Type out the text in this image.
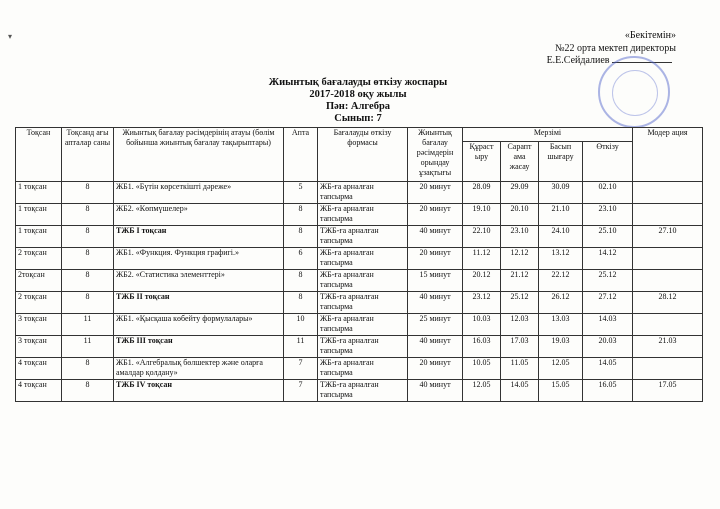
▾	«Бекітемін»
№22 орта мектеп директоры
Е.Е.Сейдалиев
Жиынтық бағалауды өткізу жоспары
2017-2018 оқу жылы
Пән: Алгебра
Сынып: 7
Тоқсан	Тоқсанд ағы апталар саны	Жиынтық бағалау рәсімдерінің атауы (бөлім бойынша жиынтық бағалау тақырыптары)	Апта	Бағалауды өткізу формасы	Жиынтық бағалау рәсімдерін орындау ұзақтығы	Мерзімі				Модер ация
						Құраст ыру	Сарапт ама жасау	Басып шығару	Өткізу	
1 тоқсан	8	ЖБ1. «Бүтін көрсеткішті дәреже»	5	ЖБ-ға арналған тапсырма	20 минут	28.09	29.09	30.09	02.10	
1 тоқсан	8	ЖБ2. «Көпмүшелер»	8	ЖБ-ға арналған тапсырма	20 минут	19.10	20.10	21.10	23.10	
1 тоқсан	8	ТЖБ I тоқсан	8	ТЖБ-ға арналған тапсырма	40 минут	22.10	23.10	24.10	25.10	27.10
2 тоқсан	8	ЖБ1. «Функция. Функция графигі.»	6	ЖБ-ға арналған тапсырма	20 минут	11.12	12.12	13.12	14.12	
2тоқсан	8	ЖБ2. «Статистика элементтері»	8	ЖБ-ға арналған тапсырма	15 минут	20.12	21.12	22.12	25.12	
2 тоқсан	8	ТЖБ II тоқсан	8	ТЖБ-ға арналған тапсырма	40 минут	23.12	25.12	26.12	27.12	28.12
3 тоқсан	11	ЖБ1. «Қысқаша көбейту формулалары»	10	ЖБ-ға арналған тапсырма	25 минут	10.03	12.03	13.03	14.03	
3 тоқсан	11	ТЖБ III тоқсан	11	ТЖБ-ға арналған тапсырма	40 минут	16.03	17.03	19.03	20.03	21.03
4 тоқсан	8	ЖБ1. «Алгебралық бөлшектер және оларға амалдар қолдану»	7	ЖБ-ға арналған тапсырма	20 минут	10.05	11.05	12.05	14.05	
4 тоқсан	8	ТЖБ IV тоқсан	7	ТЖБ-ға арналған тапсырма	40 минут	12.05	14.05	15.05	16.05	17.05
